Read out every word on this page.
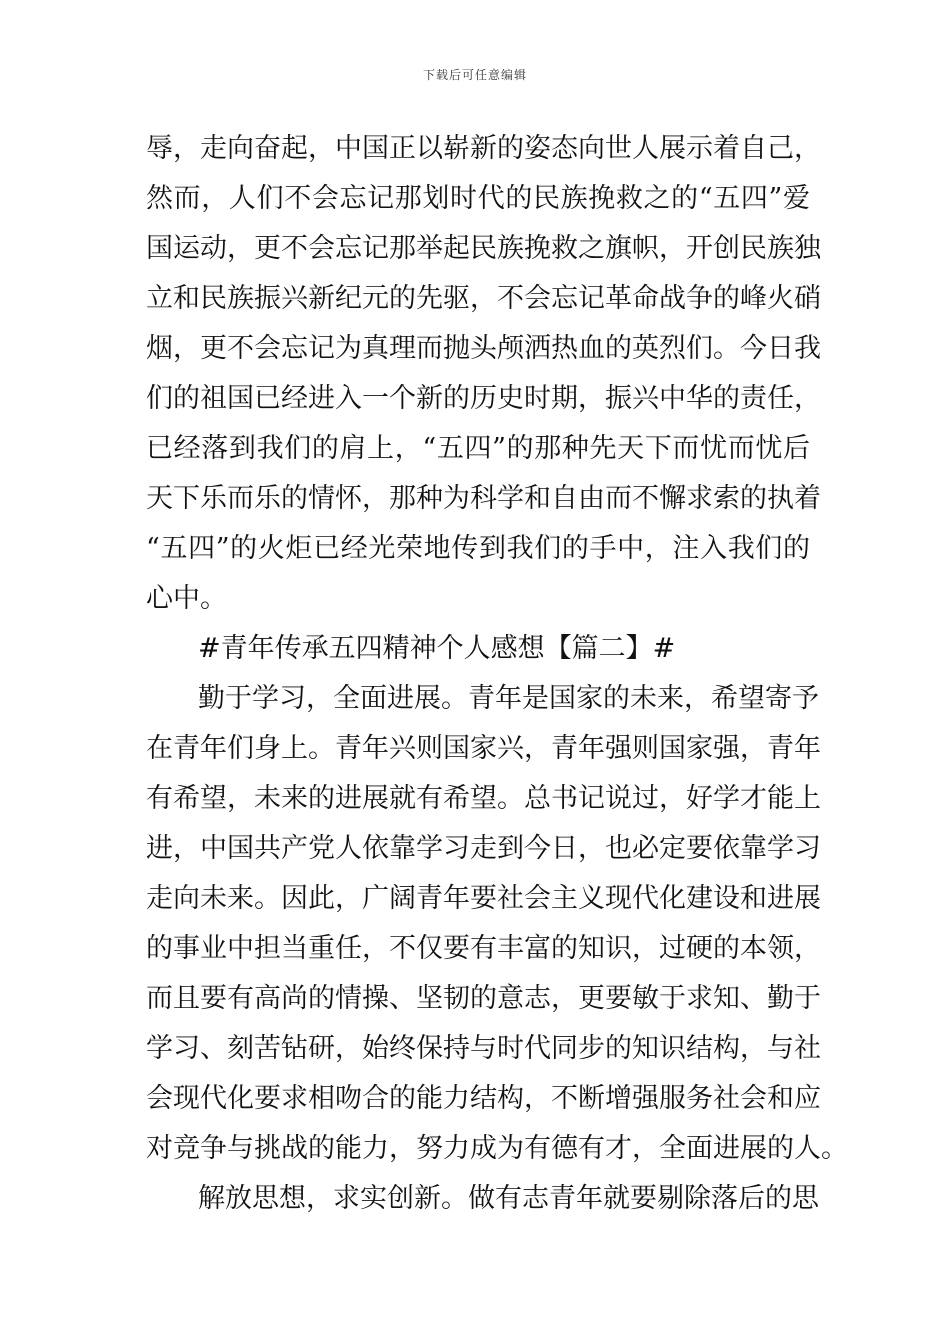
下载后可任意编辑
辱，走向奋起，中国正以崭新的姿态向世人展示着自己，
然而，人们不会忘记那划时代的民族挽救之的“五四”爱
国运动，更不会忘记那举起民族挽救之旗帜，开创民族独
立和民族振兴新纪元的先驱，不会忘记革命战争的峰火硝
烟，更不会忘记为真理而抛头颅洒热血的英烈们。今日我
们的祖国已经进入一个新的历史时期，振兴中华的责任，
已经落到我们的肩上，“五四”的那种先天下而忧而忧后
天下乐而乐的情怀，那种为科学和自由而不懈求索的执着
“五四”的火炬已经光荣地传到我们的手中，注入我们的
心中。
#青年传承五四精神个人感想【篇二】#
勤于学习，全面进展。青年是国家的未来，希望寄予
在青年们身上。青年兴则国家兴，青年强则国家强，青年
有希望，未来的进展就有希望。总书记说过，好学才能上
进，中国共产党人依靠学习走到今日，也必定要依靠学习
走向未来。因此，广阔青年要社会主义现代化建设和进展
的事业中担当重任，不仅要有丰富的知识，过硬的本领，
而且要有高尚的情操、坚韧的意志，更要敏于求知、勤于
学习、刻苦钻研，始终保持与时代同步的知识结构，与社
会现代化要求相吻合的能力结构，不断增强服务社会和应
对竞争与挑战的能力，努力成为有德有才，全面进展的人。
解放思想，求实创新。做有志青年就要剔除落后的思
